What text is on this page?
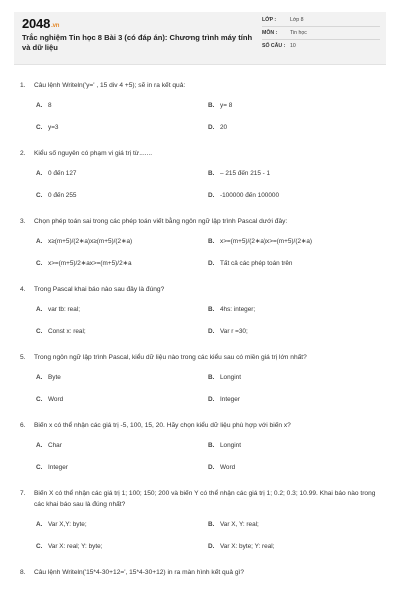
2048.vn
Trắc nghiệm Tin học 8 Bài 3 (có đáp án): Chương trình máy tính và dữ liệu
LỚP :	Lớp 8
MÔN :	Tin học
SỐ CÂU : 10
1.	Câu lệnh Writeln('y=' , 15 div 4 +5); sẽ in ra kết quả:
A. 8	B. y= 8
C. y=3	D. 20
2.	Kiểu số nguyên có phạm vi giá trị từ.......
A. 0 đến 127	B. – 215 đến 215 - 1
C. 0 đến 255	D. -100000 đến 100000
3.	Chọn phép toán sai trong các phép toán viết bằng ngôn ngữ lập trình Pascal dưới đây:
A. x≥(m+5)/(2∗a)x≥(m+5)/(2∗a)	B. x>=(m+5)/(2∗a)x>=(m+5)/(2∗a)
C. x>=(m+5)/2∗ax>=(m+5)/2∗a	D. Tất cả các phép toán trên
4.	Trong Pascal khai báo nào sau đây là đúng?
A. var tb: real;	B. 4hs: integer;
C. Const x: real;	D. Var r =30;
5.	Trong ngôn ngữ lập trình Pascal, kiểu dữ liệu nào trong các kiểu sau có miền giá trị lớn nhất?
A. Byte	B. Longint
C. Word	D. Integer
6.	Biến x có thể nhận các giá trị -5, 100, 15, 20. Hãy chọn kiểu dữ liệu phù hợp với biến x?
A. Char	B. Longint
C. Integer	D. Word
7.	Biến X có thể nhận các giá trị 1; 100; 150; 200 và biến Y có thể nhận các giá trị 1; 0.2; 0.3; 10.99. Khai báo nào trong các khai báo sau là đúng nhất?
A. Var X,Y: byte;	B. Var X, Y: real;
C. Var X: real; Y: byte;	D. Var X: byte; Y: real;
8.	Câu lệnh Writeln('15*4-30+12=', 15*4-30+12) in ra màn hình kết quả gì?
